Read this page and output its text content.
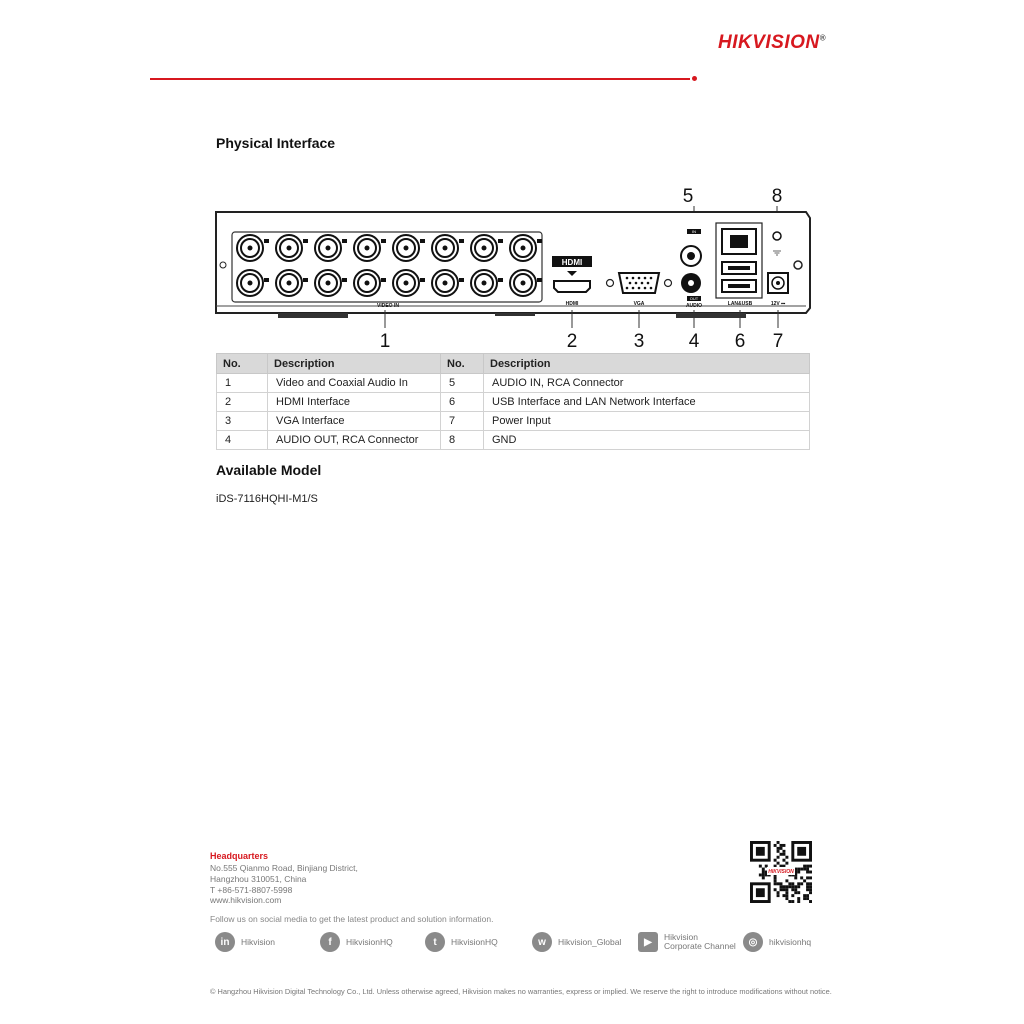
HIKVISION®
Physical Interface
5	8
VIDEO IN
HDMI
HDMI	VGA
IN
OUT
AUDIO	LAN&USB	12V ⎓
1	2	3 4 6 7
No.	Description	No.	Description
1	Video and Coaxial Audio In	5	AUDIO IN, RCA Connector
2	HDMI Interface	6	USB Interface and LAN Network Interface
3	VGA Interface	7	Power Input
4	AUDIO OUT, RCA Connector	8	GND
Available Model
iDS-7116HQHI-M1/S
Headquarters
No.555 Qianmo Road, Binjiang District,
Hangzhou 310051, China
T +86-571-8807-5998
www.hikvision.com
HIKVISION
Follow us on social media to get the latest product and solution information.
in	Hikvision	f	HikvisionHQ	t	HikvisionHQ	w	Hikvision_Global	▶	Hikvision Corporate Channel	◎	hikvisionhq
© Hangzhou Hikvision Digital Technology Co., Ltd. Unless otherwise agreed, Hikvision makes no warranties, express or implied. We reserve the right to introduce modifications without notice.
